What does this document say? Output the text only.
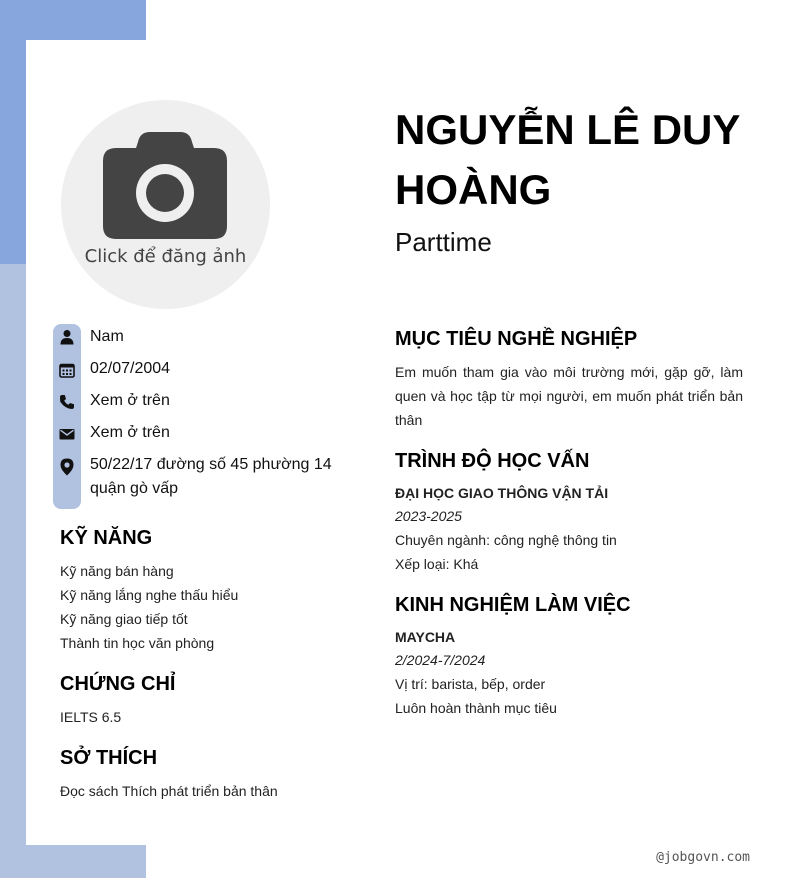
Click để đăng ảnh
NGUYỄN LÊ DUY HOÀNG
Parttime
Nam
02/07/2004
Xem ở trên
Xem ở trên
50/22/17 đường số 45 phường 14
quận gò vấp
KỸ NĂNG
Kỹ năng bán hàng
Kỹ năng lắng nghe thấu hiểu
Kỹ năng giao tiếp tốt
Thành tin học văn phòng
CHỨNG CHỈ
IELTS 6.5
SỞ THÍCH
Đọc sách Thích phát triển bản thân
MỤC TIÊU NGHỀ NGHIỆP
Em muốn tham gia vào môi trường mới, gặp gỡ, làm quen và học tập từ mọi người, em muốn phát triển bản thân
TRÌNH ĐỘ HỌC VẤN
ĐẠI HỌC GIAO THÔNG VẬN TẢI
2023-2025
Chuyên ngành: công nghệ thông tin
Xếp loại: Khá
KINH NGHIỆM LÀM VIỆC
MAYCHA
2/2024-7/2024
Vị trí: barista, bếp, order
Luôn hoàn thành mục tiêu
@jobgovn.com
